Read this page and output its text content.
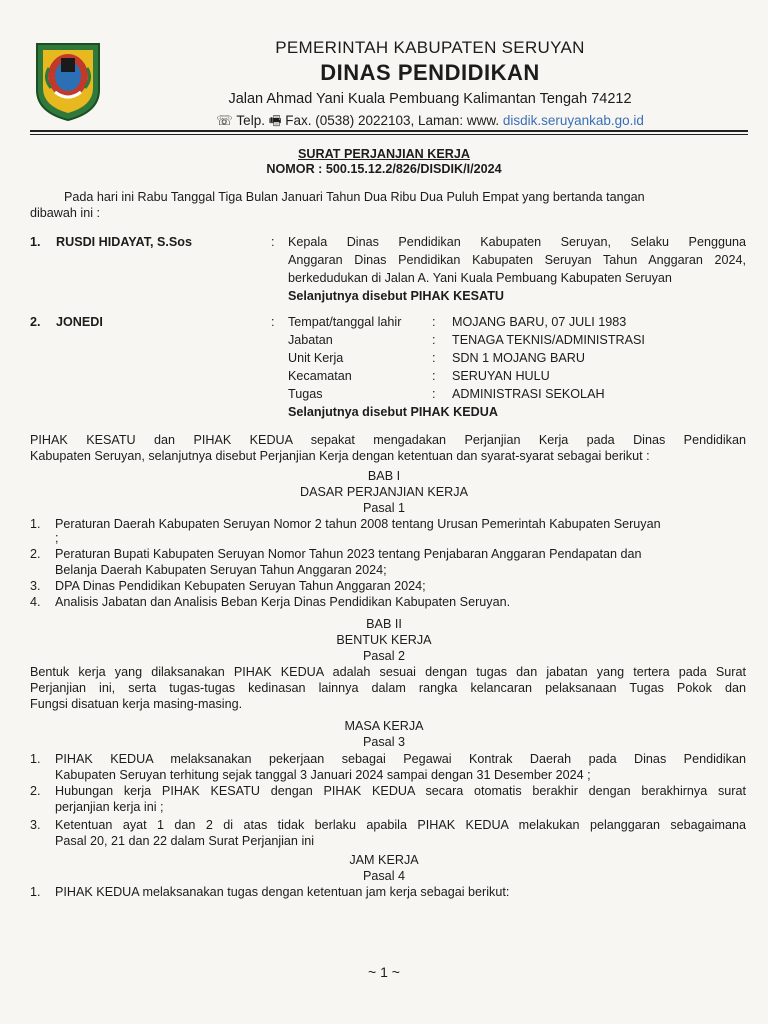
PEMERINTAH KABUPATEN SERUYAN
DINAS PENDIDIKAN
Jalan Ahmad Yani Kuala Pembuang Kalimantan Tengah 74212
☏ Telp. 🖷 Fax. (0538) 2022103, Laman: www. disdik.seruyankab.go.id
SURAT PERJANJIAN KERJA
NOMOR : 500.15.12.2/826/DISDIK/I/2024
Pada hari ini Rabu Tanggal Tiga Bulan Januari Tahun Dua Ribu Dua Puluh Empat yang bertanda tangan
dibawah ini :
1. RUSDI HIDAYAT, S.Sos	: Kepala Dinas Pendidikan Kabupaten Seruyan, Selaku Pengguna
Anggaran Dinas Pendidikan Kabupaten Seruyan Tahun Anggaran 2024,
berkedudukan di Jalan A. Yani Kuala Pembuang Kabupaten Seruyan
Selanjutnya disebut PIHAK KESATU
2. JONEDI	: Tempat/tanggal lahir : MOJANG BARU, 07 JULI 1983
Jabatan	: TENAGA TEKNIS/ADMINISTRASI
Unit Kerja	: SDN 1 MOJANG BARU
Kecamatan	: SERUYAN HULU
Tugas	: ADMINISTRASI SEKOLAH
Selanjutnya disebut PIHAK KEDUA
PIHAK KESATU dan PIHAK KEDUA sepakat mengadakan Perjanjian Kerja pada Dinas Pendidikan
Kabupaten Seruyan, selanjutnya disebut Perjanjian Kerja dengan ketentuan dan syarat-syarat sebagai berikut :
BAB I
DASAR PERJANJIAN KERJA
Pasal 1
1. Peraturan Daerah Kabupaten Seruyan Nomor 2 tahun 2008 tentang Urusan Pemerintah Kabupaten Seruyan
;
2. Peraturan Bupati Kabupaten Seruyan Nomor Tahun 2023 tentang Penjabaran Anggaran Pendapatan dan
Belanja Daerah Kabupaten Seruyan Tahun Anggaran 2024;
3. DPA Dinas Pendidikan Kebupaten Seruyan Tahun Anggaran 2024;
4. Analisis Jabatan dan Analisis Beban Kerja Dinas Pendidikan Kabupaten Seruyan.
BAB II
BENTUK KERJA
Pasal 2
Bentuk kerja yang dilaksanakan PIHAK KEDUA adalah sesuai dengan tugas dan jabatan yang tertera pada Surat
Perjanjian ini, serta tugas-tugas kedinasan lainnya dalam rangka kelancaran pelaksanaan Tugas Pokok dan
Fungsi disatuan kerja masing-masing.
MASA KERJA
Pasal 3
1. PIHAK KEDUA melaksanakan pekerjaan sebagai Pegawai Kontrak Daerah pada Dinas Pendidikan
Kabupaten Seruyan terhitung sejak tanggal 3 Januari 2024 sampai dengan 31 Desember 2024 ;
2. Hubungan kerja PIHAK KESATU dengan PIHAK KEDUA secara otomatis berakhir dengan berakhirnya surat
perjanjian kerja ini ;
3. Ketentuan ayat 1 dan 2 di atas tidak berlaku apabila PIHAK KEDUA melakukan pelanggaran sebagaimana
Pasal 20, 21 dan 22 dalam Surat Perjanjian ini
JAM KERJA
Pasal 4
1. PIHAK KEDUA melaksanakan tugas dengan ketentuan jam kerja sebagai berikut:
~ 1 ~
